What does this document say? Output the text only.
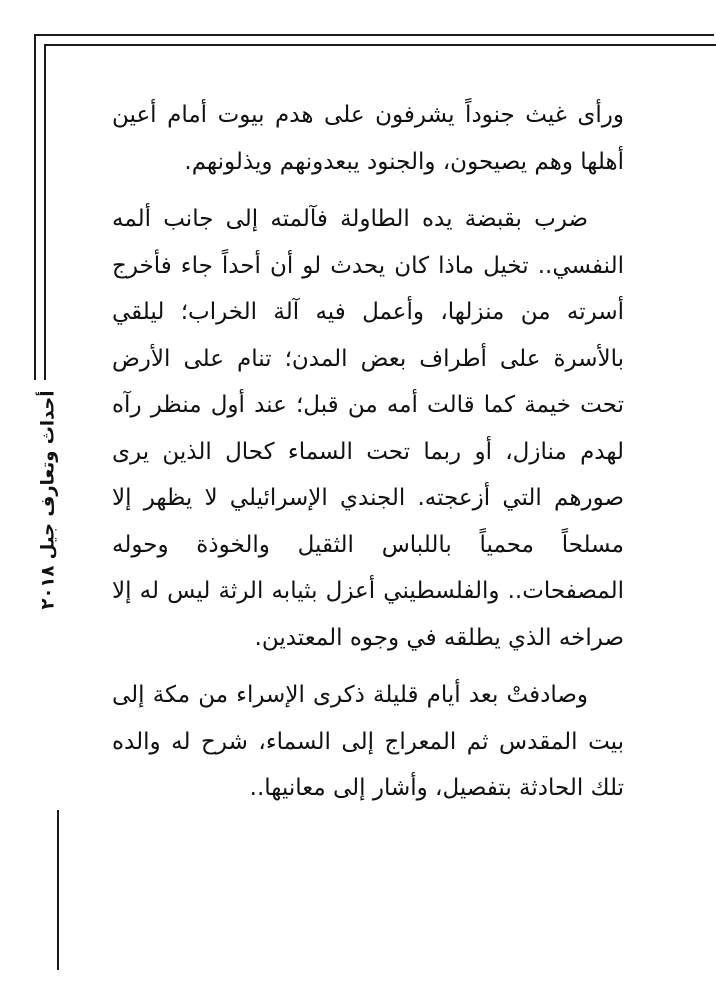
أحداث وتعارف جيل ٢٠١٨

ورأى غيث جنوداً يشرفون على هدم بيوت أمام أعين أهلها وهم يصيحون، والجنود يبعدونهم ويذلونهم.

ضرب بقبضة يده الطاولة فآلمته إلى جانب ألمه النفسي.. تخيل ماذا كان يحدث لو أن أحداً جاء فأخرج أسرته من منزلها، وأعمل فيه آلة الخراب؛ ليلقي بالأسرة على أطراف بعض المدن؛ تنام على الأرض تحت خيمة كما قالت أمه من قبل؛ عند أول منظر رآه لهدم منازل، أو ربما تحت السماء كحال الذين يرى صورهم التي أزعجته. الجندي الإسرائيلي لا يظهر إلا مسلحاً محمياً باللباس الثقيل والخوذة وحوله المصفحات.. والفلسطيني أعزل بثيابه الرثة ليس له إلا صراخه الذي يطلقه في وجوه المعتدين.

وصادفتْ بعد أيام قليلة ذكرى الإسراء من مكة إلى بيت المقدس ثم المعراج إلى السماء، شرح له والده تلك الحادثة بتفصيل، وأشار إلى معانيها..
